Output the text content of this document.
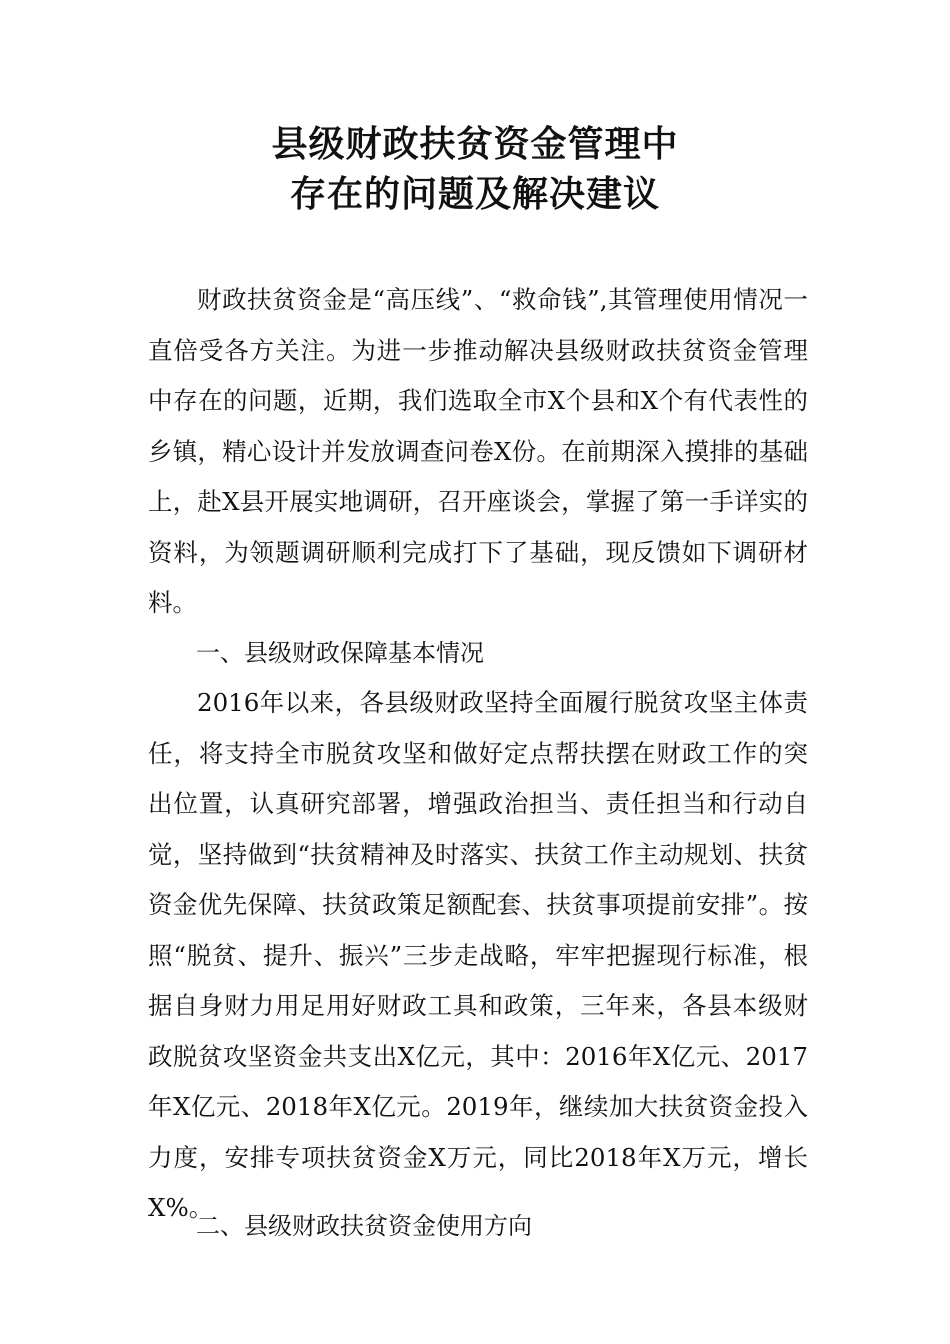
县级财政扶贫资金管理中
存在的问题及解决建议

财政扶贫资金是“高压线”、“救命钱”,其管理使用情况一直倍受各方关注。为进一步推动解决县级财政扶贫资金管理中存在的问题，近期，我们选取全市X个县和X个有代表性的乡镇，精心设计并发放调查问卷X份。在前期深入摸排的基础上，赴X县开展实地调研，召开座谈会，掌握了第一手详实的资料，为领题调研顺利完成打下了基础，现反馈如下调研材料。

一、县级财政保障基本情况

2016年以来，各县级财政坚持全面履行脱贫攻坚主体责任，将支持全市脱贫攻坚和做好定点帮扶摆在财政工作的突出位置，认真研究部署，增强政治担当、责任担当和行动自觉，坚持做到“扶贫精神及时落实、扶贫工作主动规划、扶贫资金优先保障、扶贫政策足额配套、扶贫事项提前安排”。按照“脱贫、提升、振兴”三步走战略，牢牢把握现行标准，根据自身财力用足用好财政工具和政策，三年来，各县本级财政脱贫攻坚资金共支出X亿元，其中：2016年X亿元、2017年X亿元、2018年X亿元。2019年，继续加大扶贫资金投入力度，安排专项扶贫资金X万元，同比2018年X万元，增长X%。

二、县级财政扶贫资金使用方向
